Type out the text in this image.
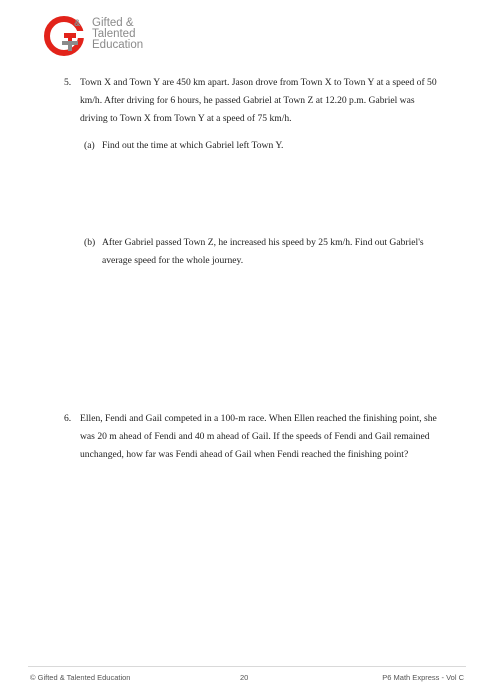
& Gifted &
Talented
Education
5. Town X and Town Y are 450 km apart. Jason drove from Town X to Town Y at a speed of 50
km/h. After driving for 6 hours, he passed Gabriel at Town Z at 12.20 p.m. Gabriel was
driving to Town X from Town Y at a speed of 75 km/h.
(a) Find out the time at which Gabriel left Town Y.
(b) After Gabriel passed Town Z, he increased his speed by 25 km/h. Find out Gabriel's
average speed for the whole journey.
6. Ellen, Fendi and Gail competed in a 100-m race. When Ellen reached the finishing point, she
was 20 m ahead of Fendi and 40 m ahead of Gail. If the speeds of Fendi and Gail remained
unchanged, how far was Fendi ahead of Gail when Fendi reached the finishing point?
© Gifted & Talented Education	20	P6 Math Express - Vol C
